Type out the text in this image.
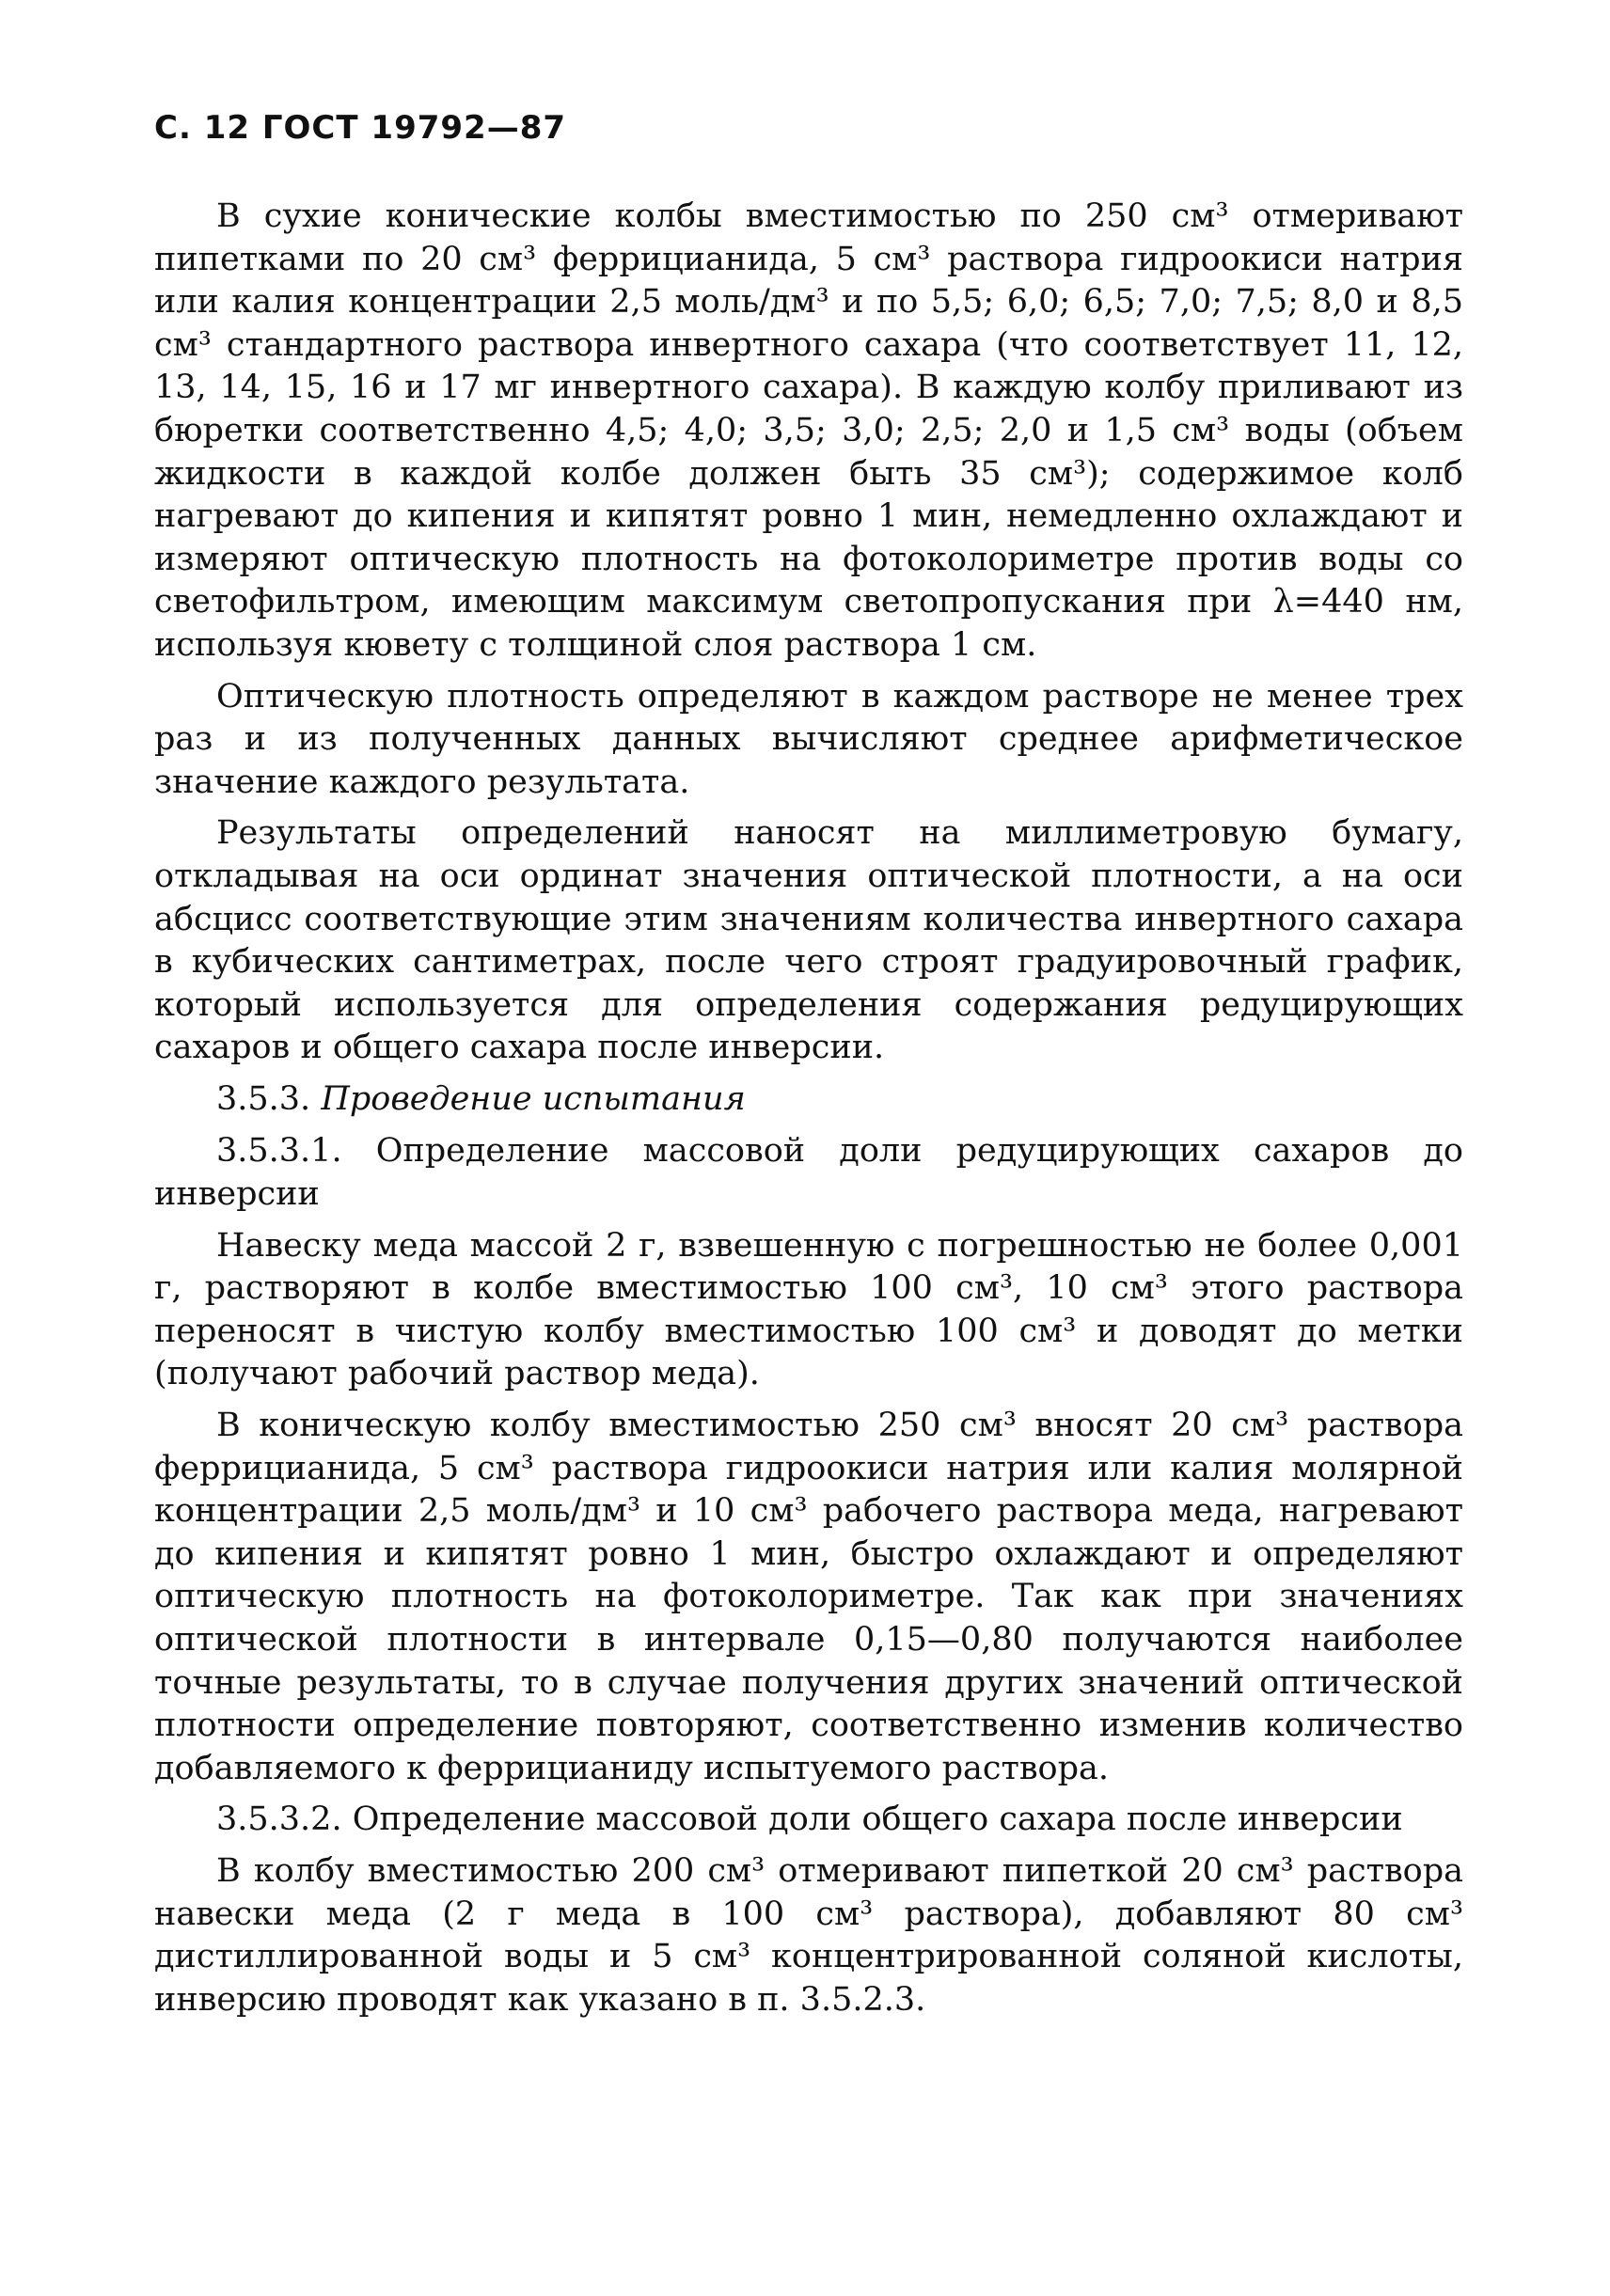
С. 12 ГОСТ 19792—87

В сухие конические колбы вместимостью по 250 см³ отмеривают пипетками по 20 см³ феррицианида, 5 см³ раствора гидроокиси натрия или калия концентрации 2,5 моль/дм³ и по 5,5; 6,0; 6,5; 7,0; 7,5; 8,0 и 8,5 см³ стандартного раствора инвертного сахара (что соответствует 11, 12, 13, 14, 15, 16 и 17 мг инвертного сахара). В каждую колбу приливают из бюретки соответственно 4,5; 4,0; 3,5; 3,0; 2,5; 2,0 и 1,5 см³ воды (объем жидкости в каждой колбе должен быть 35 см³); содержимое колб нагревают до кипения и кипятят ровно 1 мин, немедленно охлаждают и измеряют оптическую плотность на фотоколориметре против воды со светофильтром, имеющим максимум светопропускания при λ=440 нм, используя кювету с толщиной слоя раствора 1 см.

Оптическую плотность определяют в каждом растворе не менее трех раз и из полученных данных вычисляют среднее арифметическое значение каждого результата.

Результаты определений наносят на миллиметровую бумагу, откладывая на оси ординат значения оптической плотности, а на оси абсцисс соответствующие этим значениям количества инвертного сахара в кубических сантиметрах, после чего строят градуировочный график, который используется для определения содержания редуцирующих сахаров и общего сахара после инверсии.

3.5.3. Проведение испытания

3.5.3.1. Определение массовой доли редуцирующих сахаров до инверсии

Навеску меда массой 2 г, взвешенную с погрешностью не более 0,001 г, растворяют в колбе вместимостью 100 см³, 10 см³ этого раствора переносят в чистую колбу вместимостью 100 см³ и доводят до метки (получают рабочий раствор меда).

В коническую колбу вместимостью 250 см³ вносят 20 см³ раствора феррицианида, 5 см³ раствора гидроокиси натрия или калия молярной концентрации 2,5 моль/дм³ и 10 см³ рабочего раствора меда, нагревают до кипения и кипятят ровно 1 мин, быстро охлаждают и определяют оптическую плотность на фотоколориметре. Так как при значениях оптической плотности в интервале 0,15—0,80 получаются наиболее точные результаты, то в случае получения других значений оптической плотности определение повторяют, соответственно изменив количество добавляемого к феррицианиду испытуемого раствора.

3.5.3.2. Определение массовой доли общего сахара после инверсии

В колбу вместимостью 200 см³ отмеривают пипеткой 20 см³ раствора навески меда (2 г меда в 100 см³ раствора), добавляют 80 см³ дистиллированной воды и 5 см³ концентрированной соляной кислоты, инверсию проводят как указано в п. 3.5.2.3.
